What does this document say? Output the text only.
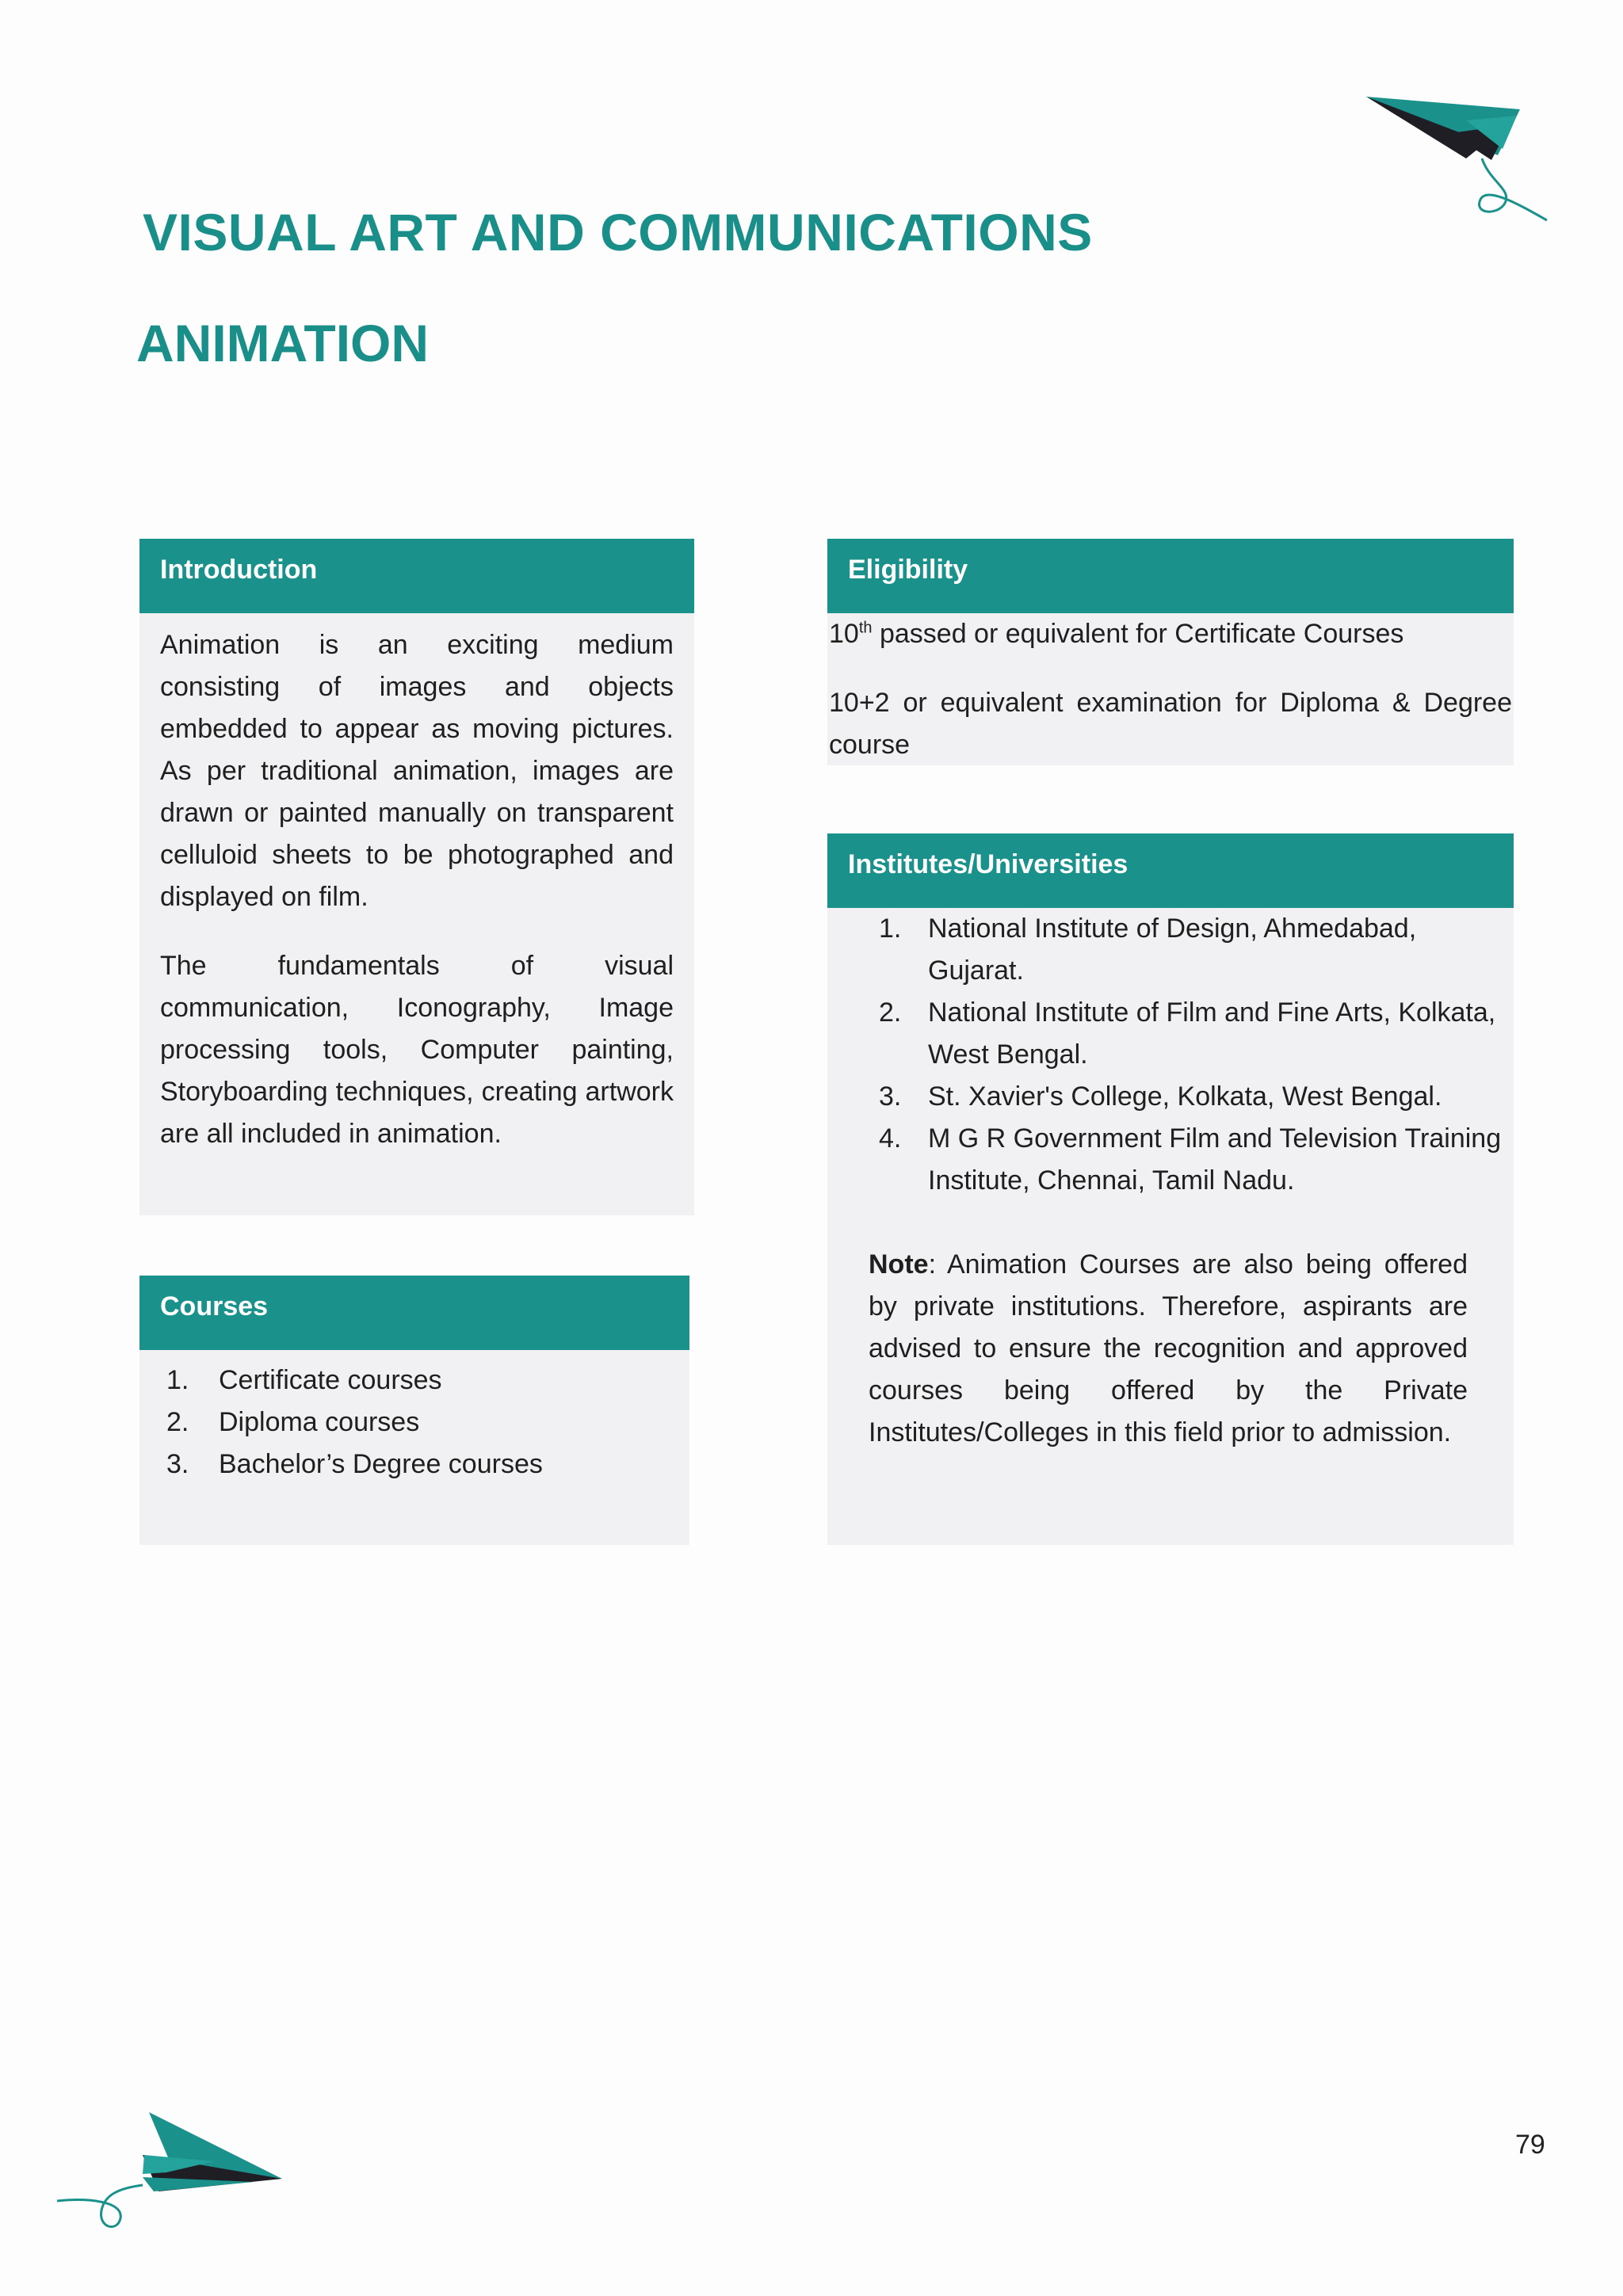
VISUAL ART AND COMMUNICATIONS
ANIMATION
Introduction

Animation is an exciting medium consisting of images and objects embedded to appear as moving pictures. As per traditional animation, images are drawn or painted manually on transparent celluloid sheets to be photographed and displayed on film.

The fundamentals of visual communication, Iconography, Image processing tools, Computer painting, Storyboarding techniques, creating artwork are all included in animation.

Courses
1.	Certificate courses
2.	Diploma courses
3.	Bachelor’s Degree courses
Eligibility

10th passed or equivalent for Certificate Courses

10+2 or equivalent examination for Diploma & Degree course

Institutes/Universities
1. National Institute of Design, Ahmedabad, Gujarat.
2. National Institute of Film and Fine Arts, Kolkata, West Bengal.
3. St. Xavier's College, Kolkata, West Bengal.
4. M G R Government Film and Television Training Institute, Chennai, Tamil Nadu.

Note: Animation Courses are also being offered by private institutions. Therefore, aspirants are advised to ensure the recognition and approved courses being offered by the Private Institutes/Colleges in this field prior to admission.

79
